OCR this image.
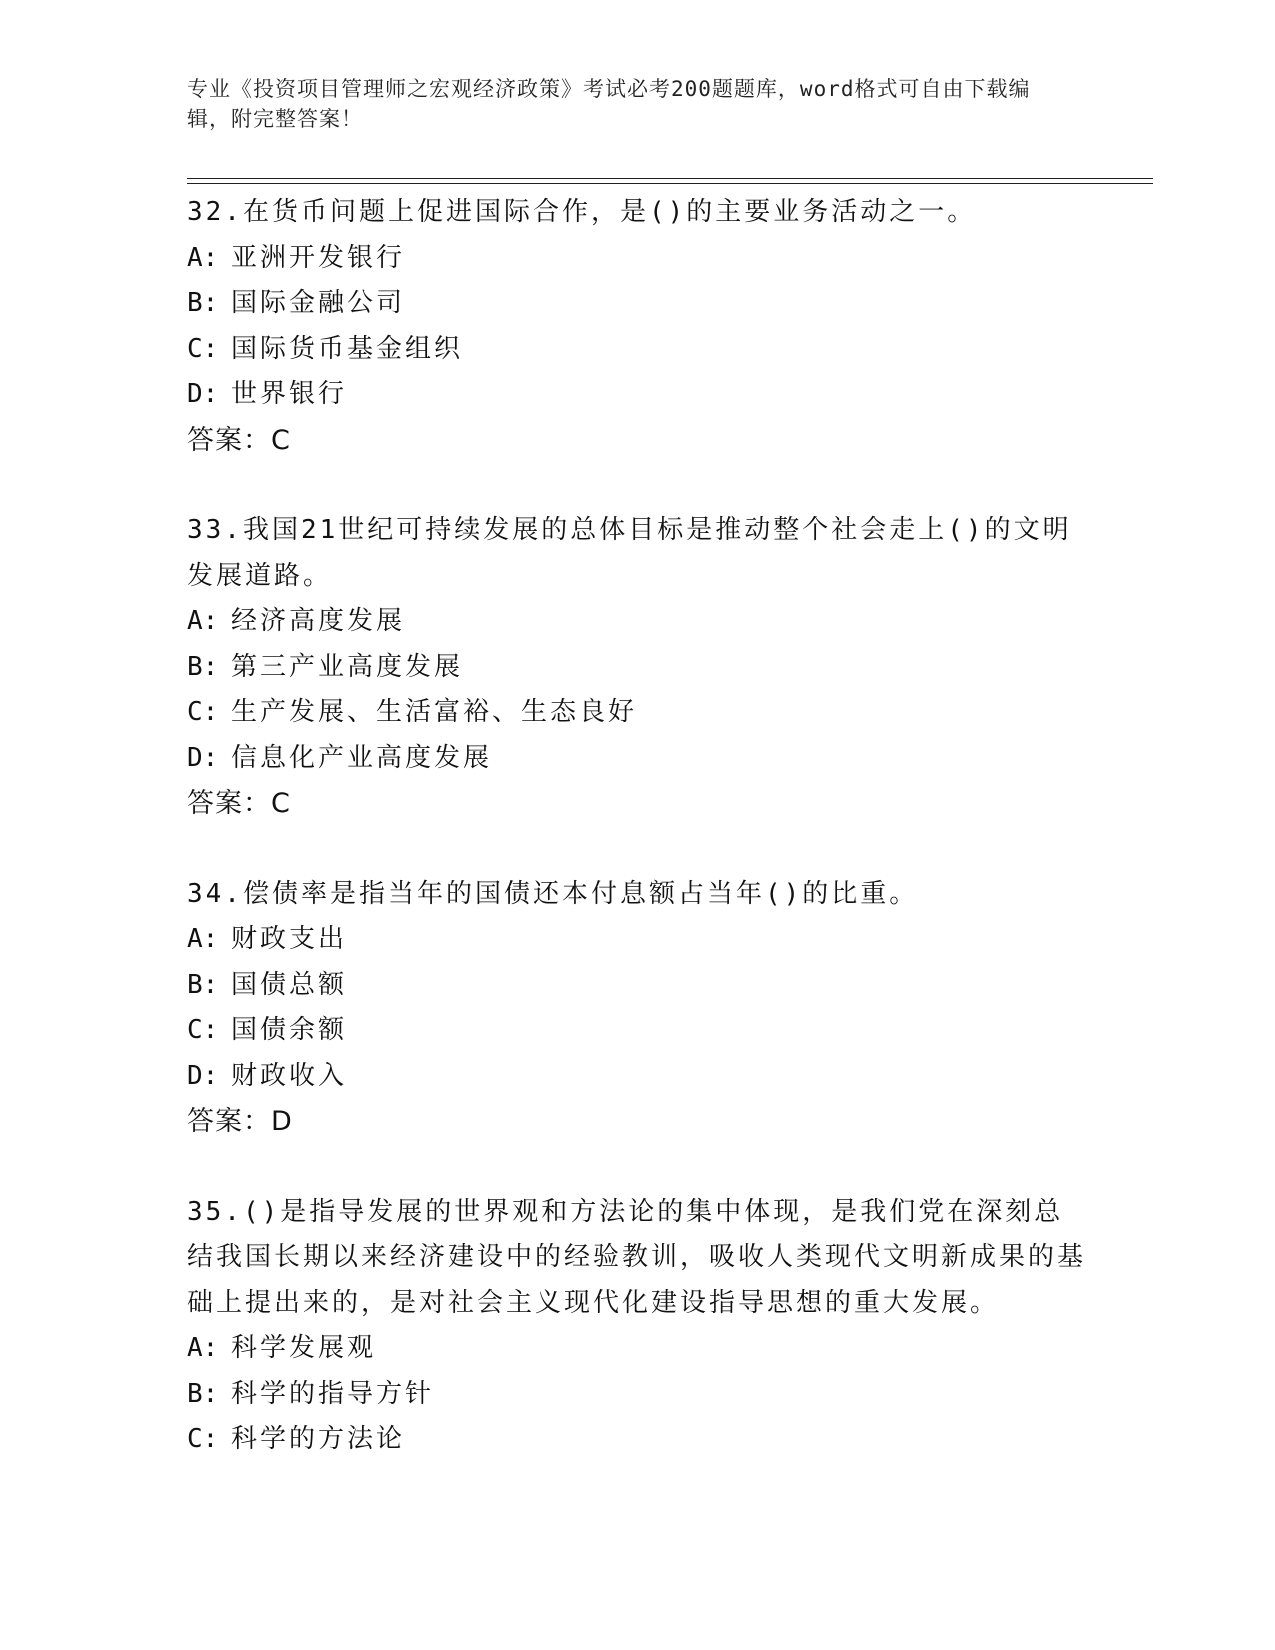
专业《投资项目管理师之宏观经济政策》考试必考200题题库，word格式可自由下载编辑，附完整答案！
32.在货币问题上促进国际合作，是()的主要业务活动之一。
A: 亚洲开发银行
B: 国际金融公司
C: 国际货币基金组织
D: 世界银行
答案：C
33.我国21世纪可持续发展的总体目标是推动整个社会走上()的文明发展道路。
A: 经济高度发展
B: 第三产业高度发展
C: 生产发展、生活富裕、生态良好
D: 信息化产业高度发展
答案：C
34.偿债率是指当年的国债还本付息额占当年()的比重。
A: 财政支出
B: 国债总额
C: 国债余额
D: 财政收入
答案：D
35.()是指导发展的世界观和方法论的集中体现，是我们党在深刻总结我国长期以来经济建设中的经验教训，吸收人类现代文明新成果的基础上提出来的，是对社会主义现代化建设指导思想的重大发展。
A: 科学发展观
B: 科学的指导方针
C: 科学的方法论
